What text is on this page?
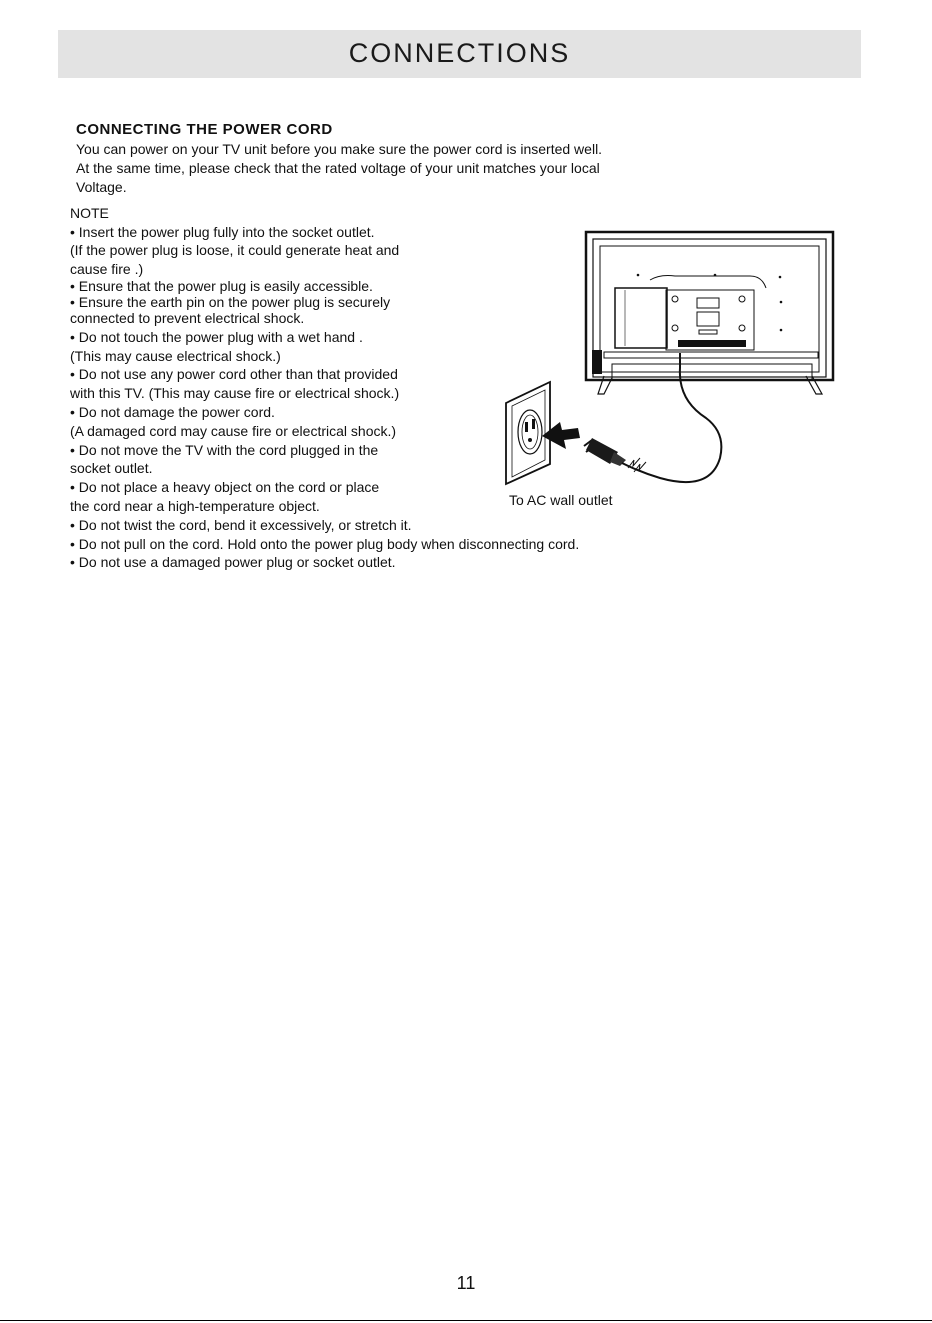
CONNECTIONS
CONNECTING THE POWER CORD
You can power on your TV unit before you make sure the power cord is inserted well.
At the same time, please check that the rated voltage of your unit matches your local
Voltage.
NOTE
• Insert the power plug fully into the socket outlet.
(If the power plug is loose, it could generate heat and
cause fire .)
• Ensure that the power plug is easily accessible.
• Ensure the earth pin on the power plug is securely
connected to prevent electrical shock.
• Do not touch the power plug with a wet hand .
(This may cause electrical shock.)
• Do not use any power cord other than that provided
with this TV. (This may cause fire or electrical shock.)
• Do not damage the power cord.
(A damaged cord may cause fire or electrical shock.)
• Do not move the TV with the cord plugged in the
socket outlet.
• Do not place a heavy object on the cord or place
the cord near a high-temperature object.
• Do not twist the cord, bend it excessively, or stretch it.
• Do not pull on the cord. Hold onto the power plug body when disconnecting cord.
• Do not use a damaged power plug or socket outlet.
To AC wall outlet
11
